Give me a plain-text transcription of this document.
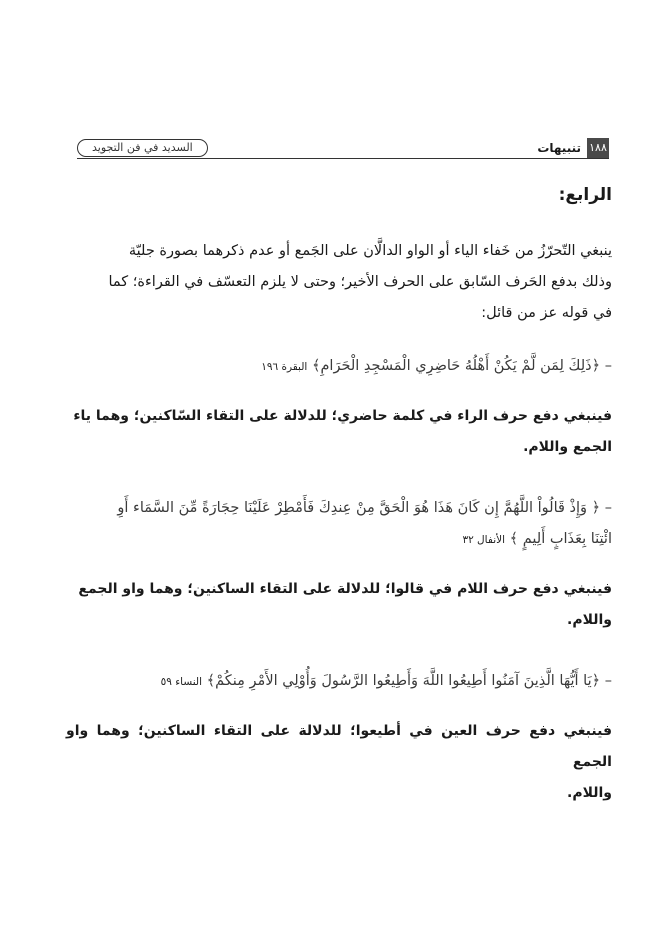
١٨٨
تنبيهات
السديد في فن التجويد
الرابع:
ينبغي التّحرّزُ من خَفاء الياء أو الواو الدالَّان على الجَمع أو عدم ذكرهما بصورة جليّة
وذلك بدفع الحَرف السّابق على الحرف الأخير؛ وحتى لا يلزم التعسّف في القراءة؛ كما
في قوله عز من قائل:
– ﴿ذَلِكَ لِمَن لَّمْ يَكُنْ أَهْلُهُ حَاضِرِي الْمَسْجِدِ الْحَرَامِ﴾ البقرة ١٩٦
فينبغي دفع حرف الراء في كلمة حاضري؛ للدلالة على التقاء السّاكنين؛ وهما ياء
الجمع واللام.
– ﴿ وَإِذْ قَالُواْ اللَّهُمَّ إِن كَانَ هَذَا هُوَ الْحَقَّ مِنْ عِندِكَ فَأَمْطِرْ عَلَيْنَا حِجَارَةً مِّنَ السَّمَاء أَوِ
ائْتِنَا بِعَذَابٍ أَلِيمٍ ﴾ الأنفال ٣٢
فينبغي دفع حرف اللام في قالوا؛ للدلالة على التقاء الساكنين؛ وهما واو الجمع
واللام.
– ﴿يَا أَيُّهَا الَّذِينَ آمَنُوا أَطِيعُوا اللَّهَ وَأَطِيعُوا الرَّسُولَ وَأُوْلِي الأَمْرِ مِنكُمْ﴾ النساء ٥٩
فينبغي دفع حرف العين في أطيعوا؛ للدلالة على التقاء الساكنين؛ وهما واو الجمع
واللام.
